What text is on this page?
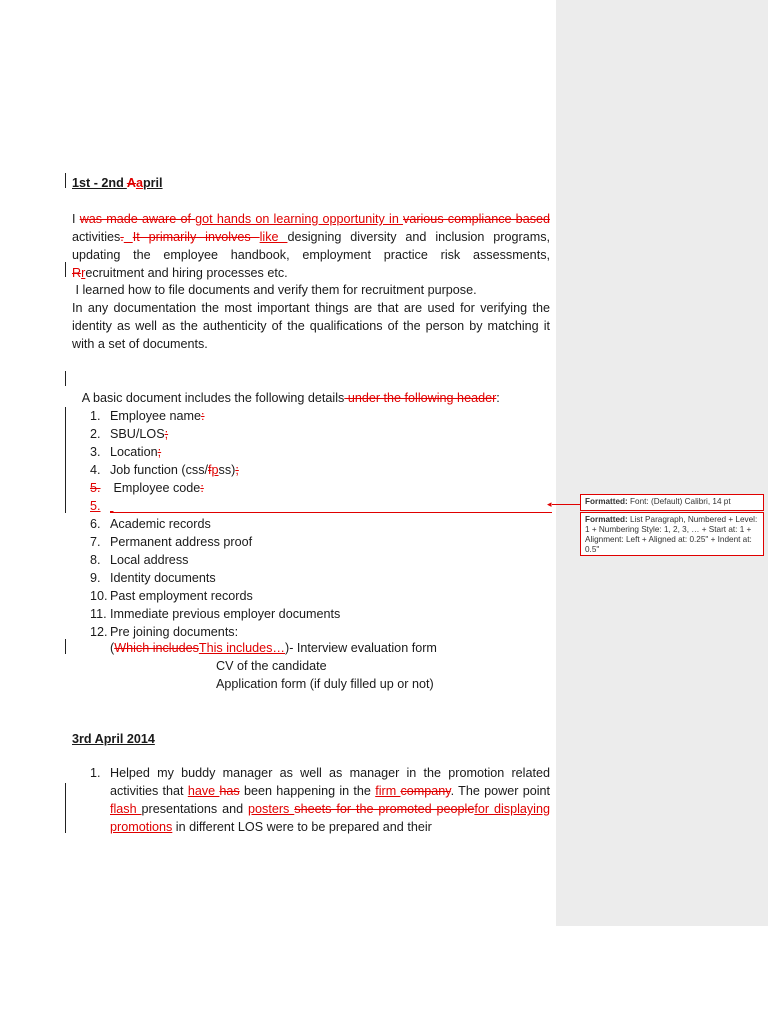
1st - 2nd Aapril
I was made aware of got hands on learning opportunity in various compliance based activities. It primarily involves like designing diversity and inclusion programs, updating the employee handbook, employment practice risk assessments, Rrecruitment and hiring processes etc.
I learned how to file documents and verify them for recruitment purpose.
In any documentation the most important things are that are used for verifying the identity as well as the authenticity of the qualifications of the person by matching it with a set of documents.

A basic document includes the following details under the following header:

1. Employee name :
2. SBU/LOS ;
3. Location ;
4. Job function (css/ f p ss) ;
5. Employee code :
5.

6. Academic records
7. Permanent address proof
8. Local address
9. Identity documents
10. Past employment records
11. Immediate previous employer documents
12. Pre joining documents:
◂
(Which includesThis includes…)- Interview evaluation form
CV of the candidate
Application form (if duly filled up or not)
3rd April 2014
1. Helped my buddy manager as well as manager in the promotion related activities that have has been happening in the firm company. The power point flash presentations and posters sheets for the promoted peoplefor displaying promotions in different LOS were to be prepared and their
Formatted: Font: (Default) Calibri, 14 pt
Formatted: List Paragraph, Numbered + Level: 1 + Numbering Style: 1, 2, 3, … + Start at: 1 + Alignment: Left + Aligned at: 0.25" + Indent at: 0.5"
